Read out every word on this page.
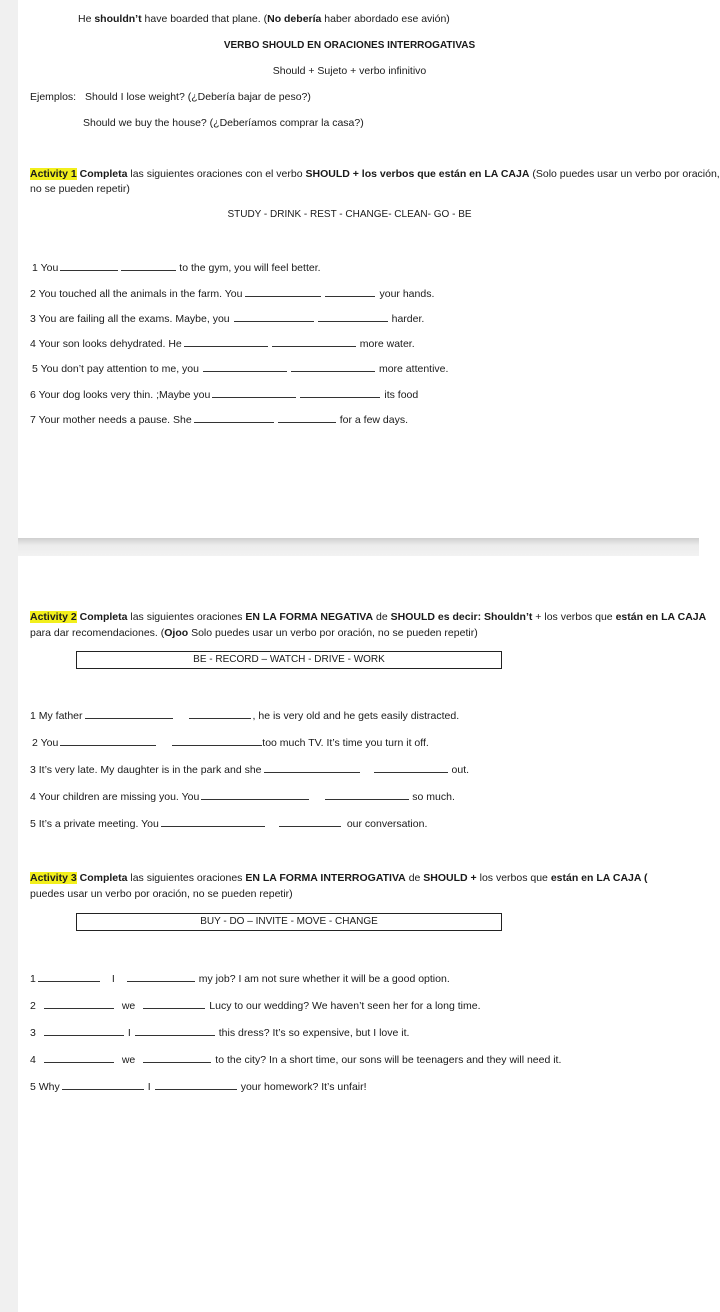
He shouldn’t have boarded that plane. (No debería haber abordado ese avión)
VERBO SHOULD EN ORACIONES INTERROGATIVAS
Should + Sujeto + verbo infinitivo
Ejemplos: Should I lose weight? (¿Debería bajar de peso?)
Should we buy the house? (¿Deberíamos comprar la casa?)
Activity 1 Completa las siguientes oraciones con el verbo SHOULD + los verbos que están en LA CAJA (Solo puedes usar un verbo por oración,
no se pueden repetir)
STUDY - DRINK - REST - CHANGE- CLEAN- GO - BE
1 You	to the gym, you will feel better.
2 You touched all the animals in the farm. You	your hands.
3 You are failing all the exams. Maybe, you	harder.
4 Your son looks dehydrated. He	more water.
5 You don’t pay attention to me, you	more attentive.
6 Your dog looks very thin. ;Maybe you	its food
7 Your mother needs a pause. She	for a few days.
Activity 2 Completa las siguientes oraciones EN LA FORMA NEGATIVA de SHOULD es decir: Shouldn’t + los verbos que están en LA CAJA
para dar recomendaciones. (Ojoo Solo puedes usar un verbo por oración, no se pueden repetir)
BE - RECORD – WATCH - DRIVE - WORK
1 My father	, he is very old and he gets easily distracted.
2 You	too much TV. It’s time you turn it off.
3 It’s very late. My daughter is in the park and she	out.
4 Your children are missing you. You	so much.
5 It’s a private meeting. You	our conversation.
Activity 3 Completa las siguientes oraciones EN LA FORMA INTERROGATIVA de SHOULD + los verbos que están en LA CAJA (
puedes usar un verbo por oración, no se pueden repetir)
BUY - DO – INVITE - MOVE - CHANGE
1	I	my job? I am not sure whether it will be a good option.
2	we	Lucy to our wedding? We haven’t seen her for a long time.
3	I	this dress? It’s so expensive, but I love it.
4	we	to the city? In a short time, our sons will be teenagers and they will need it.
5 Why	I	your homework? It’s unfair!
